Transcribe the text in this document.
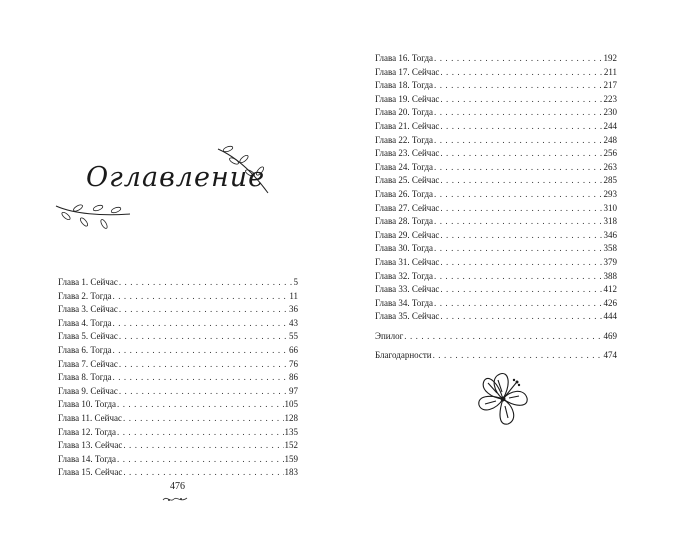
Оглавление
Глава 1. Сейчас . . .	5
Глава 2. Тогда . . .	11
Глава 3. Сейчас . . .	36
Глава 4. Тогда . . .	43
Глава 5. Сейчас . . .	55
Глава 6. Тогда . . .	66
Глава 7. Сейчас . . .	76
Глава 8. Тогда . . .	86
Глава 9. Сейчас . . .	97
Глава 10. Тогда . . .	105
Глава 11. Сейчас . . .	128
Глава 12. Тогда . . .	135
Глава 13. Сейчас . . .	152
Глава 14. Тогда . . .	159
Глава 15. Сейчас . . .	183
476
Глава 16. Тогда . . .	192
Глава 17. Сейчас . . .	211
Глава 18. Тогда . . .	217
Глава 19. Сейчас . . .	223
Глава 20. Тогда . . .	230
Глава 21. Сейчас . . .	244
Глава 22. Тогда . . .	248
Глава 23. Сейчас . . .	256
Глава 24. Тогда . . .	263
Глава 25. Сейчас . . .	285
Глава 26. Тогда . . .	293
Глава 27. Сейчас . . .	310
Глава 28. Тогда . . .	318
Глава 29. Сейчас . . .	346
Глава 30. Тогда . . .	358
Глава 31. Сейчас . . .	379
Глава 32. Тогда . . .	388
Глава 33. Сейчас . . .	412
Глава 34. Тогда . . .	426
Глава 35. Сейчас . . .	444
Эпилог . . .	469
Благодарности . . .	474
